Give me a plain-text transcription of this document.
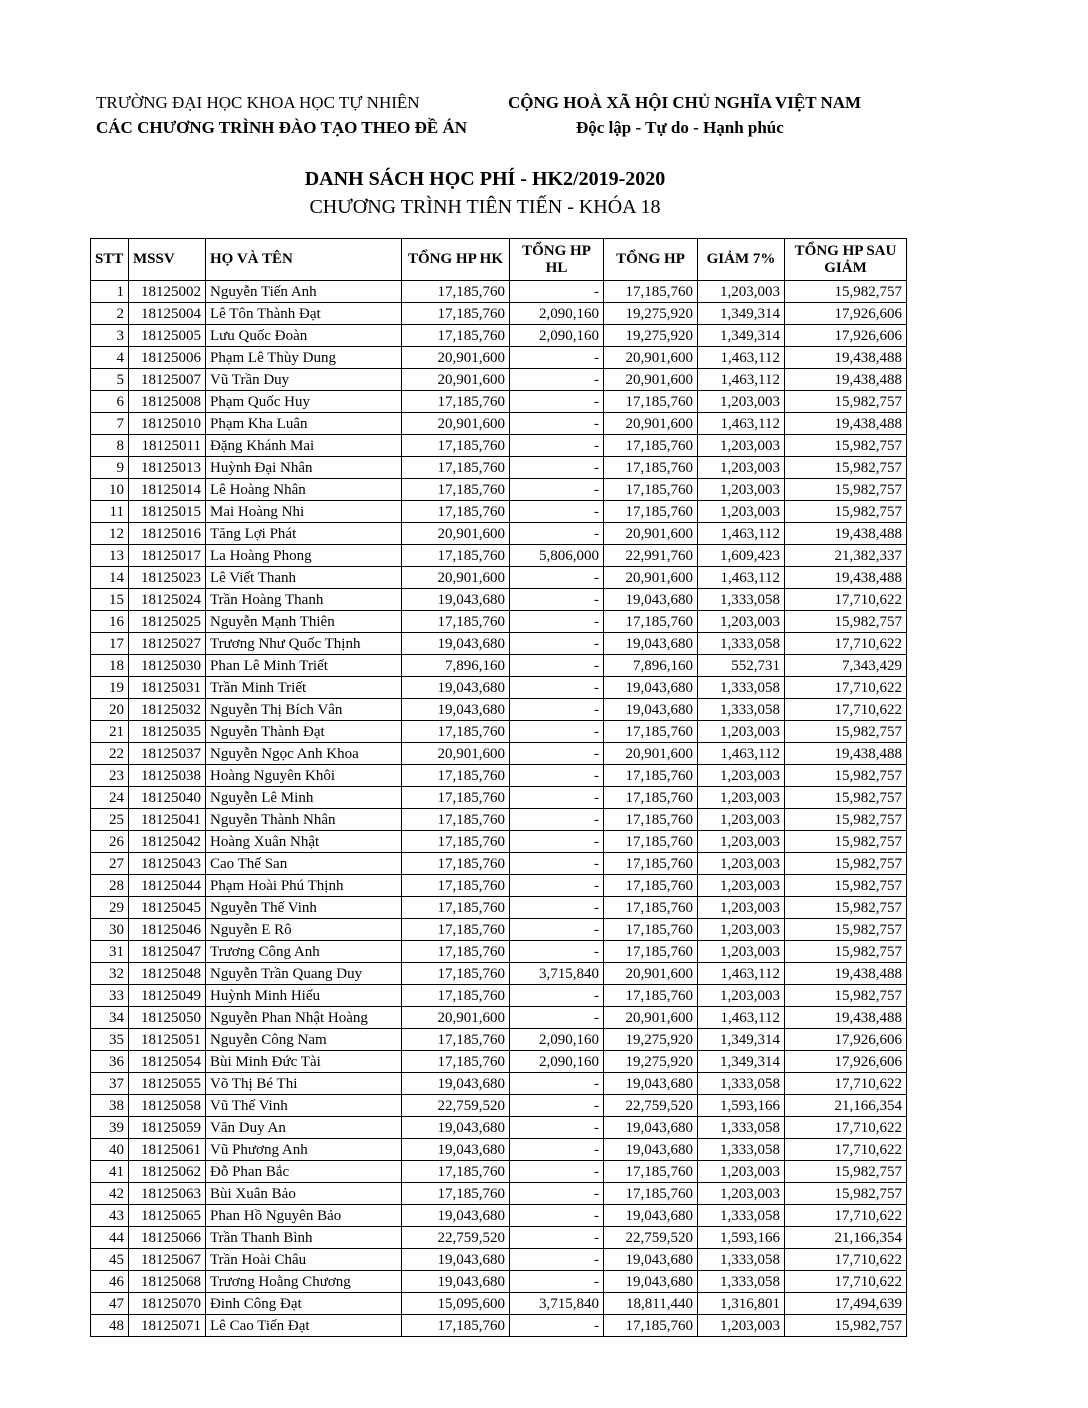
TRƯỜNG ĐẠI HỌC KHOA HỌC TỰ NHIÊN
CÁC CHƯƠNG TRÌNH ĐÀO TẠO THEO ĐỀ ÁN
CỘNG HOÀ XÃ HỘI CHỦ NGHĨA VIỆT NAM
Độc lập - Tự do - Hạnh phúc
DANH SÁCH HỌC PHÍ - HK2/2019-2020
CHƯƠNG TRÌNH TIÊN TIẾN - KHÓA 18
STT	MSSV	HỌ VÀ TÊN	TỔNG HP HK	TỔNG HP HL	TỔNG HP	GIẢM 7%	TỔNG HP SAU GIẢM
1	18125002	Nguyễn Tiến Anh	17,185,760	-	17,185,760	1,203,003	15,982,757
2	18125004	Lê Tôn Thành Đạt	17,185,760	2,090,160	19,275,920	1,349,314	17,926,606
3	18125005	Lưu Quốc Đoàn	17,185,760	2,090,160	19,275,920	1,349,314	17,926,606
4	18125006	Phạm Lê Thùy Dung	20,901,600	-	20,901,600	1,463,112	19,438,488
5	18125007	Vũ Trần Duy	20,901,600	-	20,901,600	1,463,112	19,438,488
6	18125008	Phạm Quốc Huy	17,185,760	-	17,185,760	1,203,003	15,982,757
7	18125010	Phạm Kha Luân	20,901,600	-	20,901,600	1,463,112	19,438,488
8	18125011	Đặng Khánh Mai	17,185,760	-	17,185,760	1,203,003	15,982,757
9	18125013	Huỳnh Đại Nhân	17,185,760	-	17,185,760	1,203,003	15,982,757
10	18125014	Lê Hoàng Nhân	17,185,760	-	17,185,760	1,203,003	15,982,757
11	18125015	Mai Hoàng Nhi	17,185,760	-	17,185,760	1,203,003	15,982,757
12	18125016	Tăng Lợi Phát	20,901,600	-	20,901,600	1,463,112	19,438,488
13	18125017	La Hoàng Phong	17,185,760	5,806,000	22,991,760	1,609,423	21,382,337
14	18125023	Lê Viết Thanh	20,901,600	-	20,901,600	1,463,112	19,438,488
15	18125024	Trần Hoàng Thanh	19,043,680	-	19,043,680	1,333,058	17,710,622
16	18125025	Nguyễn Mạnh Thiên	17,185,760	-	17,185,760	1,203,003	15,982,757
17	18125027	Trương Như Quốc Thịnh	19,043,680	-	19,043,680	1,333,058	17,710,622
18	18125030	Phan Lê Minh Triết	7,896,160	-	7,896,160	552,731	7,343,429
19	18125031	Trần Minh Triết	19,043,680	-	19,043,680	1,333,058	17,710,622
20	18125032	Nguyễn Thị Bích Vân	19,043,680	-	19,043,680	1,333,058	17,710,622
21	18125035	Nguyễn Thành Đạt	17,185,760	-	17,185,760	1,203,003	15,982,757
22	18125037	Nguyễn Ngọc Anh Khoa	20,901,600	-	20,901,600	1,463,112	19,438,488
23	18125038	Hoàng Nguyên Khôi	17,185,760	-	17,185,760	1,203,003	15,982,757
24	18125040	Nguyễn Lê Minh	17,185,760	-	17,185,760	1,203,003	15,982,757
25	18125041	Nguyễn Thành Nhân	17,185,760	-	17,185,760	1,203,003	15,982,757
26	18125042	Hoàng Xuân Nhật	17,185,760	-	17,185,760	1,203,003	15,982,757
27	18125043	Cao Thế San	17,185,760	-	17,185,760	1,203,003	15,982,757
28	18125044	Phạm Hoài Phú Thịnh	17,185,760	-	17,185,760	1,203,003	15,982,757
29	18125045	Nguyễn Thế Vinh	17,185,760	-	17,185,760	1,203,003	15,982,757
30	18125046	Nguyễn E Rô	17,185,760	-	17,185,760	1,203,003	15,982,757
31	18125047	Trương Công Anh	17,185,760	-	17,185,760	1,203,003	15,982,757
32	18125048	Nguyễn Trần Quang Duy	17,185,760	3,715,840	20,901,600	1,463,112	19,438,488
33	18125049	Huỳnh Minh Hiếu	17,185,760	-	17,185,760	1,203,003	15,982,757
34	18125050	Nguyễn Phan Nhật Hoàng	20,901,600	-	20,901,600	1,463,112	19,438,488
35	18125051	Nguyễn Công Nam	17,185,760	2,090,160	19,275,920	1,349,314	17,926,606
36	18125054	Bùi Minh Đức Tài	17,185,760	2,090,160	19,275,920	1,349,314	17,926,606
37	18125055	Võ Thị Bé Thi	19,043,680	-	19,043,680	1,333,058	17,710,622
38	18125058	Vũ Thế Vinh	22,759,520	-	22,759,520	1,593,166	21,166,354
39	18125059	Văn Duy An	19,043,680	-	19,043,680	1,333,058	17,710,622
40	18125061	Vũ Phương Anh	19,043,680	-	19,043,680	1,333,058	17,710,622
41	18125062	Đỗ Phan Bắc	17,185,760	-	17,185,760	1,203,003	15,982,757
42	18125063	Bùi Xuân Bảo	17,185,760	-	17,185,760	1,203,003	15,982,757
43	18125065	Phan Hồ Nguyên Bảo	19,043,680	-	19,043,680	1,333,058	17,710,622
44	18125066	Trần Thanh Bình	22,759,520	-	22,759,520	1,593,166	21,166,354
45	18125067	Trần Hoài Châu	19,043,680	-	19,043,680	1,333,058	17,710,622
46	18125068	Trương Hoằng Chương	19,043,680	-	19,043,680	1,333,058	17,710,622
47	18125070	Đinh Công Đạt	15,095,600	3,715,840	18,811,440	1,316,801	17,494,639
48	18125071	Lê Cao Tiến Đạt	17,185,760	-	17,185,760	1,203,003	15,982,757
